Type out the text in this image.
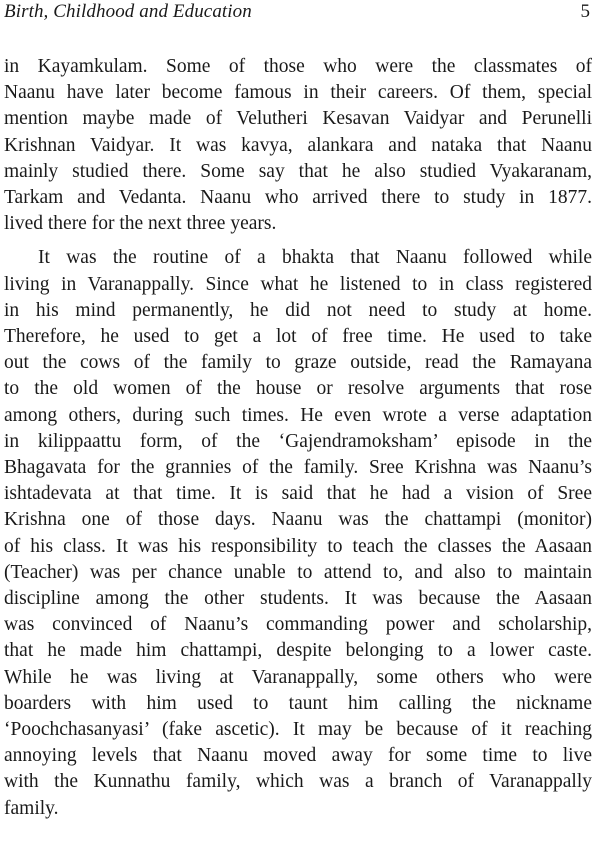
Birth, Childhood and Education	5
in Kayamkulam. Some of those who were the classmates of
Naanu have later become famous in their careers. Of them, special
mention maybe made of Velutheri Kesavan Vaidyar and Perunelli
Krishnan Vaidyar. It was kavya, alankara and nataka that Naanu
mainly studied there. Some say that he also studied Vyakaranam,
Tarkam and Vedanta. Naanu who arrived there to study in 1877.
lived there for the next three years.
It was the routine of a bhakta that Naanu followed while
living in Varanappally. Since what he listened to in class registered
in his mind permanently, he did not need to study at home.
Therefore, he used to get a lot of free time. He used to take
out the cows of the family to graze outside, read the Ramayana
to the old women of the house or resolve arguments that rose
among others, during such times. He even wrote a verse adaptation
in kilippaattu form, of the ‘Gajendramoksham’ episode in the
Bhagavata for the grannies of the family. Sree Krishna was Naanu’s
ishtadevata at that time. It is said that he had a vision of Sree
Krishna one of those days. Naanu was the chattampi (monitor)
of his class. It was his responsibility to teach the classes the Aasaan
(Teacher) was per chance unable to attend to, and also to maintain
discipline among the other students. It was because the Aasaan
was convinced of Naanu’s commanding power and scholarship,
that he made him chattampi, despite belonging to a lower caste.
While he was living at Varanappally, some others who were
boarders with him used to taunt him calling the nickname
‘Poochchasanyasi’ (fake ascetic). It may be because of it reaching
annoying levels that Naanu moved away for some time to live
with the Kunnathu family, which was a branch of Varanappally
family.
